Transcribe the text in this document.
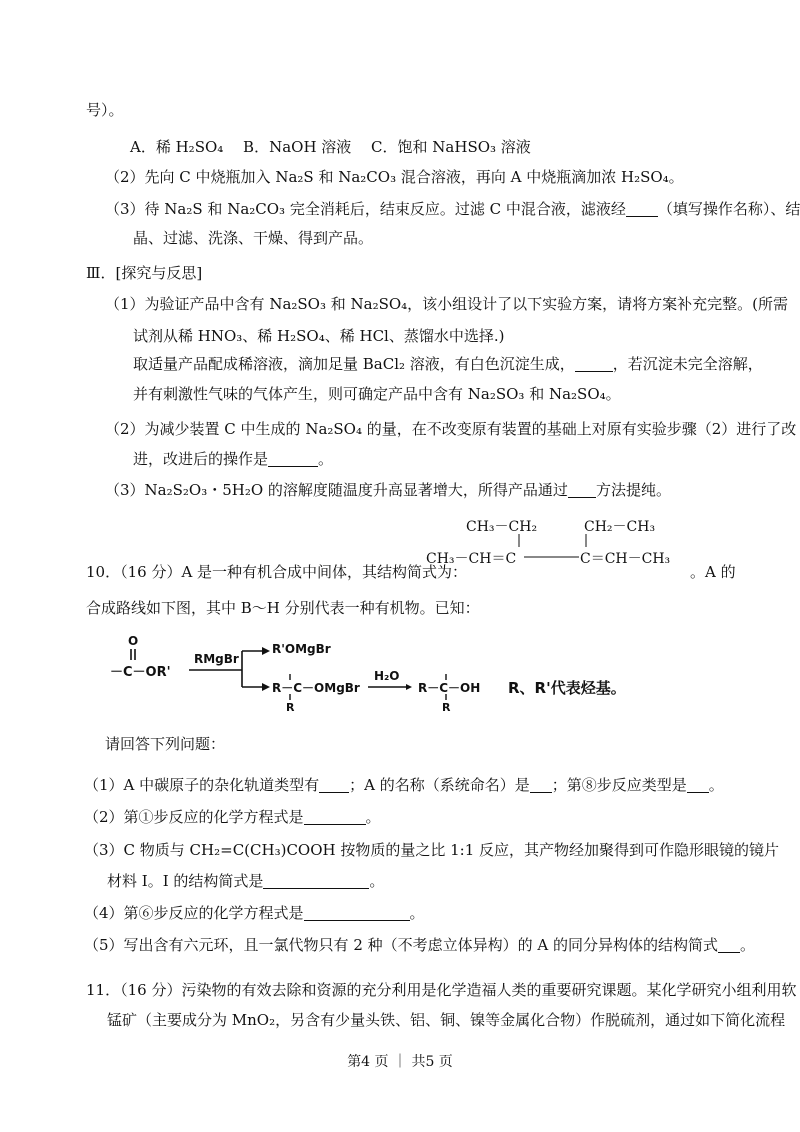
号）。
A．稀 H₂SO₄　 B．NaOH 溶液　 C．饱和 NaHSO₃ 溶液
（2）先向 C 中烧瓶加入 Na₂S 和 Na₂CO₃ 混合溶液，再向 A 中烧瓶滴加浓 H₂SO₄。
（3）待 Na₂S 和 Na₂CO₃ 完全消耗后，结束反应。过滤 C 中混合液，滤液经 （填写操作名称）、结
晶、过滤、洗涤、干燥、得到产品。
Ⅲ．[探究与反思]
（1）为验证产品中含有 Na₂SO₃ 和 Na₂SO₄，该小组设计了以下实验方案，请将方案补充完整。(所需
试剂从稀 HNO₃、稀 H₂SO₄、稀 HCl、蒸馏水中选择.)
取适量产品配成稀溶液，滴加足量 BaCl₂ 溶液，有白色沉淀生成，	，若沉淀未完全溶解，
并有刺激性气味的气体产生，则可确定产品中含有 Na₂SO₃ 和 Na₂SO₄。
（2）为减少装置 C 中生成的 Na₂SO₄ 的量，在不改变原有装置的基础上对原有实验步骤（2）进行了改
进，改进后的操作是	。
（3）Na₂S₂O₃・5H₂O 的溶解度随温度升高显著增大，所得产品通过 方法提纯。
10．（16 分）A 是一种有机合成中间体，其结构简式为：
CH₃－CH₂	CH₂－CH₃
CH₃－CH＝C	C＝CH－CH₃
。A 的
合成路线如下图，其中 B～H 分别代表一种有机物。已知：
O
－C－OR'
RMgBr
R'OMgBr
R－C－OMgBr
R
H₂O
R－C－OH
R
R、R'代表烃基。
请回答下列问题：
（1）A 中碳原子的杂化轨道类型有 ；A 的名称（系统命名）是 ；第⑧步反应类型是 。
（2）第①步反应的化学方程式是	。
（3）C 物质与 CH₂=C(CH₃)COOH 按物质的量之比 1:1 反应，其产物经加聚得到可作隐形眼镜的镜片
材料 I。I 的结构简式是	。
（4）第⑥步反应的化学方程式是	。
（5）写出含有六元环，且一氯代物只有 2 种（不考虑立体异构）的 A 的同分异构体的结构简式 。
11．（16 分）污染物的有效去除和资源的充分利用是化学造福人类的重要研究课题。某化学研究小组利用软
锰矿（主要成分为 MnO₂，另含有少量头铁、铝、铜、镍等金属化合物）作脱硫剂，通过如下简化流程
第4 页 ｜ 共5 页
